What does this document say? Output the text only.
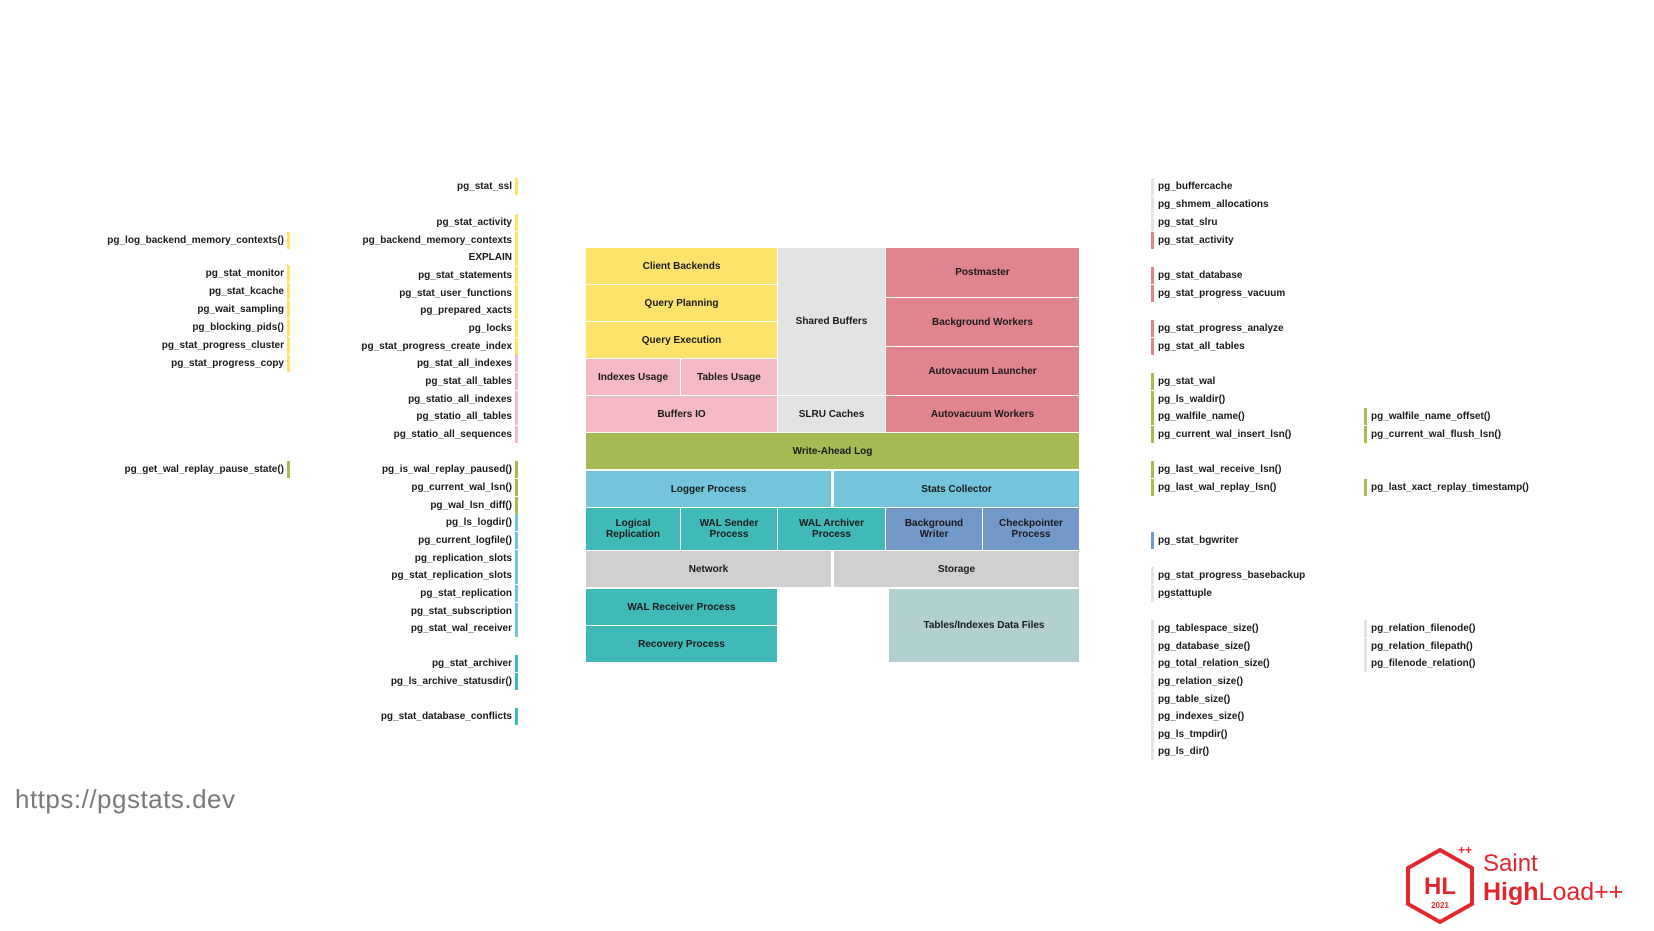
pg_log_backend_memory_contexts()
pg_stat_monitor
pg_stat_kcache
pg_wait_sampling
pg_blocking_pids()
pg_stat_progress_cluster
pg_stat_progress_copy
pg_get_wal_replay_pause_state()
pg_stat_ssl
pg_stat_activity
pg_backend_memory_contexts
EXPLAIN
pg_stat_statements
pg_stat_user_functions
pg_prepared_xacts
pg_locks
pg_stat_progress_create_index
pg_stat_all_indexes
pg_stat_all_tables
pg_statio_all_indexes
pg_statio_all_tables
pg_statio_all_sequences
pg_is_wal_replay_paused()
pg_current_wal_lsn()
pg_wal_lsn_diff()
pg_ls_logdir()
pg_current_logfile()
pg_replication_slots
pg_stat_replication_slots
pg_stat_replication
pg_stat_subscription
pg_stat_wal_receiver
pg_stat_archiver
pg_ls_archive_statusdir()
pg_stat_database_conflicts
Client Backends
Query Planning
Query Execution
Indexes Usage	Tables Usage
Buffers IO
Shared Buffers
SLRU Caches
Postmaster
Background Workers
Autovacuum Launcher
Autovacuum Workers
Write-Ahead Log
Logger Process	Stats Collector
Logical Replication
WAL Sender Process
WAL Archiver Process
Background Writer
Checkpointer Process
Network	Storage
WAL Receiver Process
Recovery Process
Tables/Indexes Data Files
pg_buffercache
pg_shmem_allocations
pg_stat_slru
pg_stat_activity
pg_stat_database
pg_stat_progress_vacuum
pg_stat_progress_analyze
pg_stat_all_tables
pg_stat_wal
pg_ls_waldir()
pg_walfile_name()
pg_current_wal_insert_lsn()
pg_last_wal_receive_lsn()
pg_last_wal_replay_lsn()
pg_stat_bgwriter
pg_stat_progress_basebackup
pgstattuple
pg_tablespace_size()
pg_database_size()
pg_total_relation_size()
pg_relation_size()
pg_table_size()
pg_indexes_size()
pg_ls_tmpdir()
pg_ls_dir()
pg_walfile_name_offset()
pg_current_wal_flush_lsn()
pg_last_xact_replay_timestamp()
pg_relation_filenode()
pg_relation_filepath()
pg_filenode_relation()
https://pgstats.dev
HL
2021
++ Saint
HighLoad++
